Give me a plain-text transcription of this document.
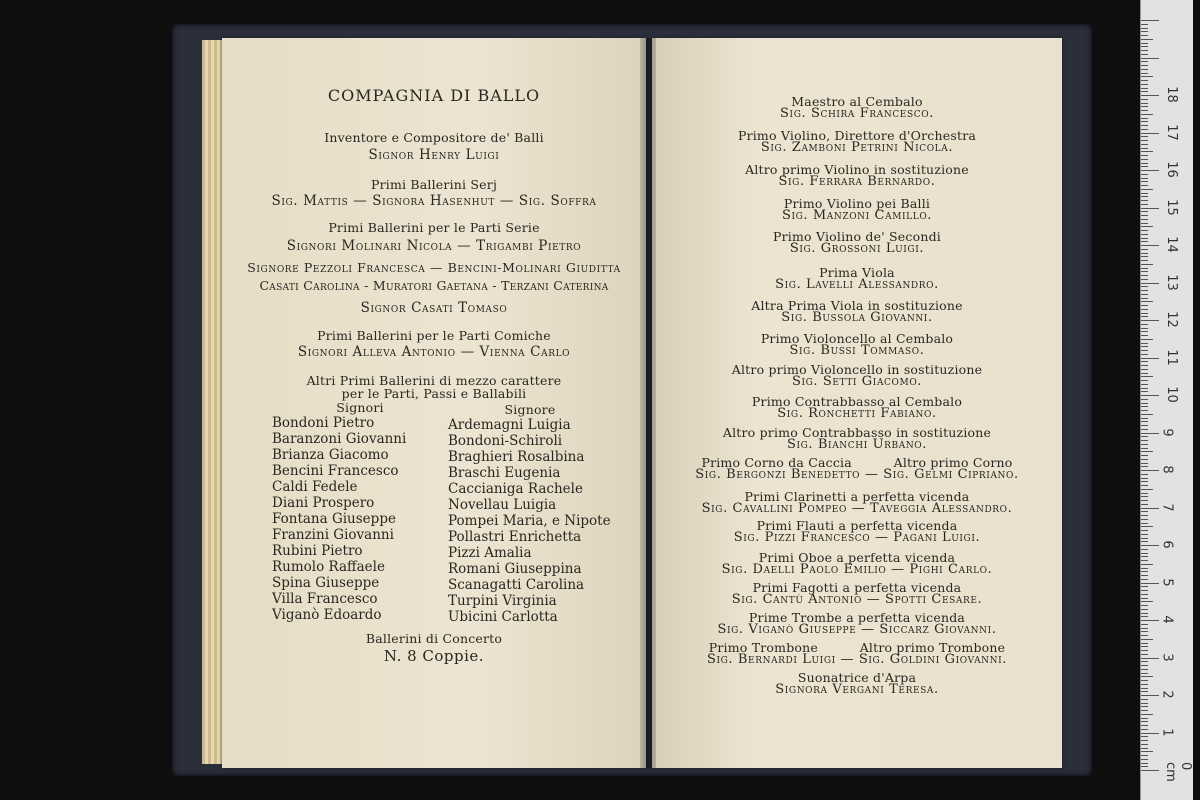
COMPAGNIA DI BALLO
Inventore e Compositore de' Balli
Signor Henry Luigi
Primi Ballerini Serj
Sig. Mattis — Signora Hasenhut — Sig. Soffra
Primi Ballerini per le Parti Serie
Signori Molinari Nicola — Trigambi Pietro
Signore Pezzoli Francesca — Bencini-Molinari Giuditta
Casati Carolina - Muratori Gaetana - Terzani Caterina
Signor Casati Tomaso
Primi Ballerini per le Parti Comiche
Signori Alleva Antonio — Vienna Carlo
Altri Primi Ballerini di mezzo carattere
per le Parti, Passi e Ballabili
Signori	Signore
Bondoni Pietro
Baranzoni Giovanni
Brianza Giacomo
Bencini Francesco
Caldi Fedele
Diani Prospero
Fontana Giuseppe
Franzini Giovanni
Rubini Pietro
Rumolo Raffaele
Spina Giuseppe
Villa Francesco
Viganò Edoardo
Ardemagni Luigia
Bondoni-Schiroli
Braghieri Rosalbina
Braschi Eugenia
Caccianiga Rachele
Novellau Luigia
Pompei Maria, e Nipote
Pollastri Enrichetta
Pizzi Amalia
Romani Giuseppina
Scanagatti Carolina
Turpini Virginia
Ubicini Carlotta
Ballerini di Concerto
N. 8 Coppie.
Maestro al Cembalo
Sig. Schira Francesco.
Primo Violino, Direttore d'Orchestra
Sig. Zamboni Petrini Nicola.
Altro primo Violino in sostituzione
Sig. Ferrara Bernardo.
Primo Violino pei Balli
Sig. Manzoni Camillo.
Primo Violino de' Secondi
Sig. Grossoni Luigi.
Prima Viola
Sig. Lavelli Alessandro.
Altra Prima Viola in sostituzione
Sig. Bussola Giovanni.
Primo Violoncello al Cembalo
Sig. Bussi Tommaso.
Altro primo Violoncello in sostituzione
Sig. Setti Giacomo.
Primo Contrabbasso al Cembalo
Sig. Ronchetti Fabiano.
Altro primo Contrabbasso in sostituzione
Sig. Bianchi Urbano.
Primo Corno da Caccia          Altro primo Corno
Sig. Bergonzi Benedetto — Sig. Gelmi Cipriano.
Primi Clarinetti a perfetta vicenda
Sig. Cavallini Pompeo — Taveggia Alessandro.
Primi Flauti a perfetta vicenda
Sig. Pizzi Francesco — Pagani Luigi.
Primi Oboe a perfetta vicenda
Sig. Daelli Paolo Emilio — Pighi Carlo.
Primi Fagotti a perfetta vicenda
Sig. Cantù Antonio — Spotti Cesare.
Prime Trombe a perfetta vicenda
Sig. Viganò Giuseppe — Siccarz Giovanni.
Primo Trombone          Altro primo Trombone
Sig. Bernardi Luigi — Sig. Goldini Giovanni.
Suonatrice d'Arpa
Signora Vergani Teresa.
0 cm
1
2
3
4
5
6
7
8
9
10
11
12
13
14
15
16
17
18
